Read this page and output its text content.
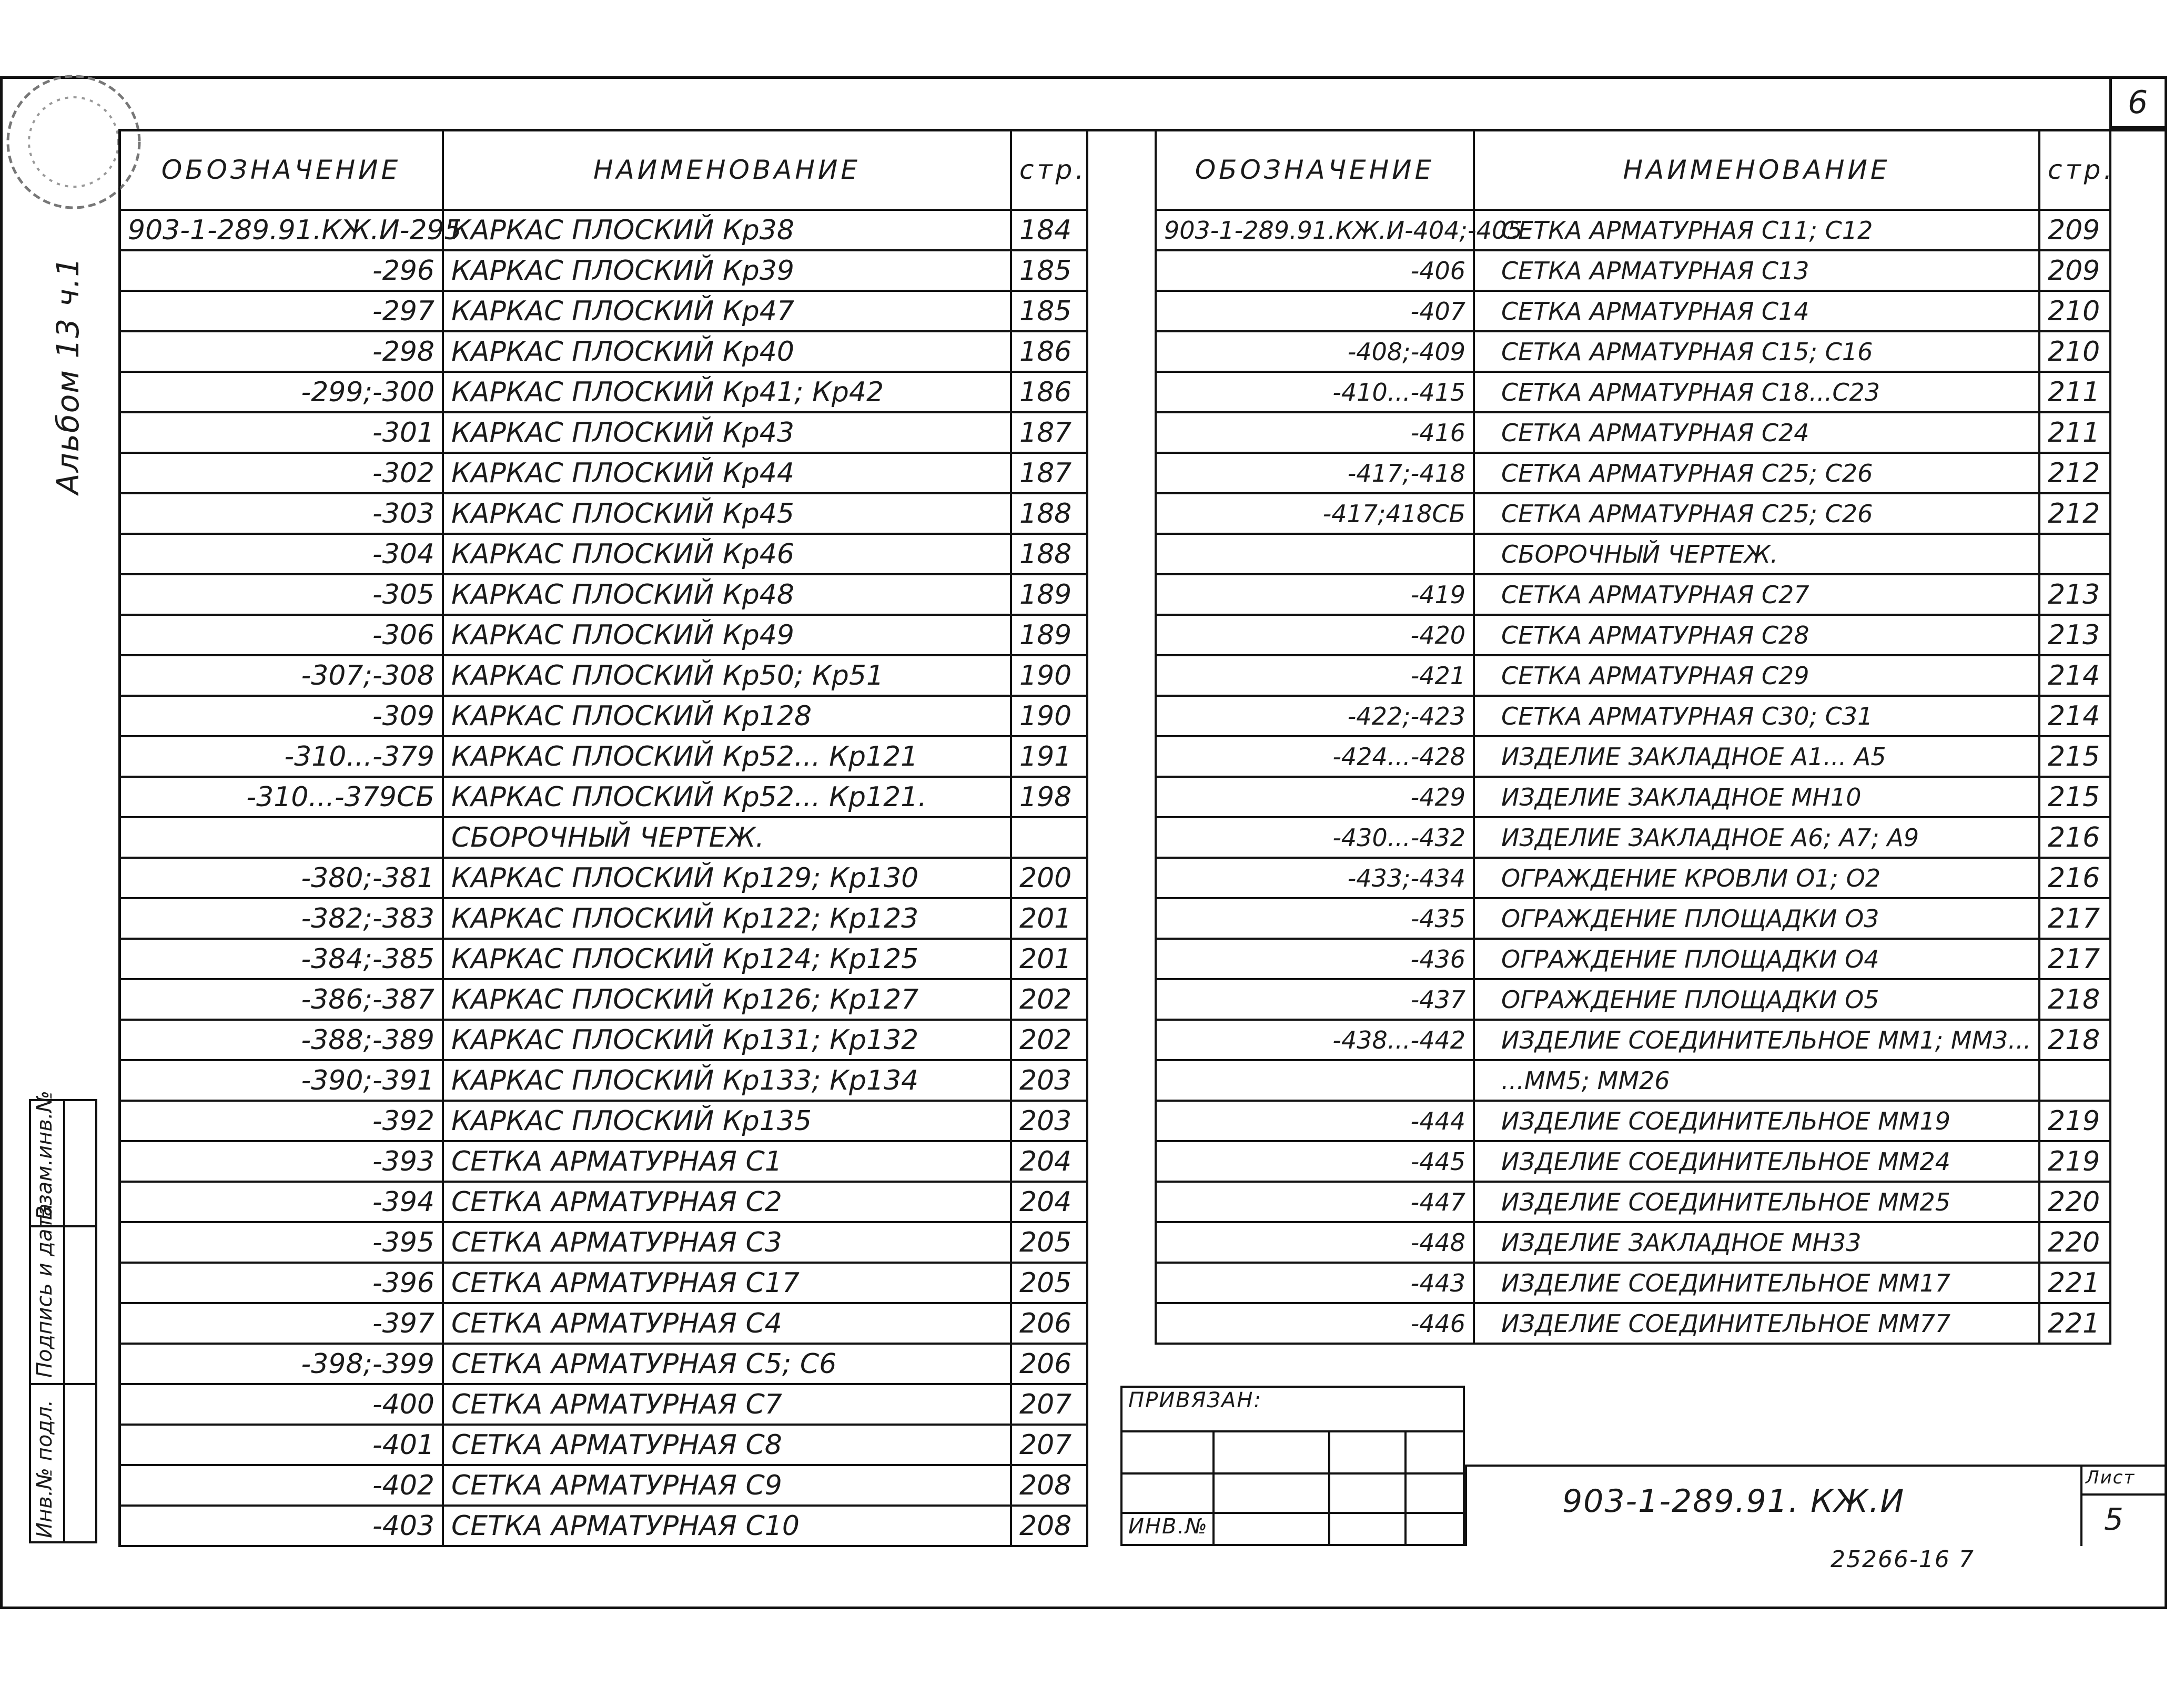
6
Альбом 13 ч.1
Взам.инв.№
Подпись и дата
Инв.№ подл.
ОБОЗНАЧЕНИЕ	НАИМЕНОВАНИЕ	стр.
903-1-289.91.КЖ.И-295	КАРКАС ПЛОСКИЙ Кр38	184
-296	КАРКАС ПЛОСКИЙ Кр39	185
-297	КАРКАС ПЛОСКИЙ Кр47	185
-298	КАРКАС ПЛОСКИЙ Кр40	186
-299;-300	КАРКАС ПЛОСКИЙ Кр41; Кр42	186
-301	КАРКАС ПЛОСКИЙ Кр43	187
-302	КАРКАС ПЛОСКИЙ Кр44	187
-303	КАРКАС ПЛОСКИЙ Кр45	188
-304	КАРКАС ПЛОСКИЙ Кр46	188
-305	КАРКАС ПЛОСКИЙ Кр48	189
-306	КАРКАС ПЛОСКИЙ Кр49	189
-307;-308	КАРКАС ПЛОСКИЙ Кр50; Кр51	190
-309	КАРКАС ПЛОСКИЙ Кр128	190
-310...-379	КАРКАС ПЛОСКИЙ Кр52... Кр121	191
-310...-379СБ	КАРКАС ПЛОСКИЙ Кр52... Кр121.	198
	СБОРОЧНЫЙ ЧЕРТЕЖ.	
-380;-381	КАРКАС ПЛОСКИЙ Кр129; Кр130	200
-382;-383	КАРКАС ПЛОСКИЙ Кр122; Кр123	201
-384;-385	КАРКАС ПЛОСКИЙ Кр124; Кр125	201
-386;-387	КАРКАС ПЛОСКИЙ Кр126; Кр127	202
-388;-389	КАРКАС ПЛОСКИЙ Кр131; Кр132	202
-390;-391	КАРКАС ПЛОСКИЙ Кр133; Кр134	203
-392	КАРКАС ПЛОСКИЙ Кр135	203
-393	СЕТКА АРМАТУРНАЯ С1	204
-394	СЕТКА АРМАТУРНАЯ С2	204
-395	СЕТКА АРМАТУРНАЯ С3	205
-396	СЕТКА АРМАТУРНАЯ С17	205
-397	СЕТКА АРМАТУРНАЯ С4	206
-398;-399	СЕТКА АРМАТУРНАЯ С5; С6	206
-400	СЕТКА АРМАТУРНАЯ С7	207
-401	СЕТКА АРМАТУРНАЯ С8	207
-402	СЕТКА АРМАТУРНАЯ С9	208
-403	СЕТКА АРМАТУРНАЯ С10	208
ОБОЗНАЧЕНИЕ	НАИМЕНОВАНИЕ	стр.
903-1-289.91.КЖ.И-404;-405	СЕТКА АРМАТУРНАЯ С11; С12	209
-406	СЕТКА АРМАТУРНАЯ С13	209
-407	СЕТКА АРМАТУРНАЯ С14	210
-408;-409	СЕТКА АРМАТУРНАЯ С15; С16	210
-410...-415	СЕТКА АРМАТУРНАЯ С18...С23	211
-416	СЕТКА АРМАТУРНАЯ С24	211
-417;-418	СЕТКА АРМАТУРНАЯ С25; С26	212
-417;418СБ	СЕТКА АРМАТУРНАЯ С25; С26	212
	СБОРОЧНЫЙ ЧЕРТЕЖ.	
-419	СЕТКА АРМАТУРНАЯ С27	213
-420	СЕТКА АРМАТУРНАЯ С28	213
-421	СЕТКА АРМАТУРНАЯ С29	214
-422;-423	СЕТКА АРМАТУРНАЯ С30; С31	214
-424...-428	ИЗДЕЛИЕ ЗАКЛАДНОЕ А1... А5	215
-429	ИЗДЕЛИЕ ЗАКЛАДНОЕ МН10	215
-430...-432	ИЗДЕЛИЕ ЗАКЛАДНОЕ А6; А7; А9	216
-433;-434	ОГРАЖДЕНИЕ КРОВЛИ О1; О2	216
-435	ОГРАЖДЕНИЕ ПЛОЩАДКИ О3	217
-436	ОГРАЖДЕНИЕ ПЛОЩАДКИ О4	217
-437	ОГРАЖДЕНИЕ ПЛОЩАДКИ О5	218
-438...-442	ИЗДЕЛИЕ СОЕДИНИТЕЛЬНОЕ ММ1; ММ3...	218
	...ММ5; ММ26	
-444	ИЗДЕЛИЕ СОЕДИНИТЕЛЬНОЕ ММ19	219
-445	ИЗДЕЛИЕ СОЕДИНИТЕЛЬНОЕ ММ24	219
-447	ИЗДЕЛИЕ СОЕДИНИТЕЛЬНОЕ ММ25	220
-448	ИЗДЕЛИЕ ЗАКЛАДНОЕ МН33	220
-443	ИЗДЕЛИЕ СОЕДИНИТЕЛЬНОЕ ММ17	221
-446	ИЗДЕЛИЕ СОЕДИНИТЕЛЬНОЕ ММ77	221
ПРИВЯЗАН:
ИНВ.№
903-1-289.91. КЖ.И
Лист
5
25266-16 7
